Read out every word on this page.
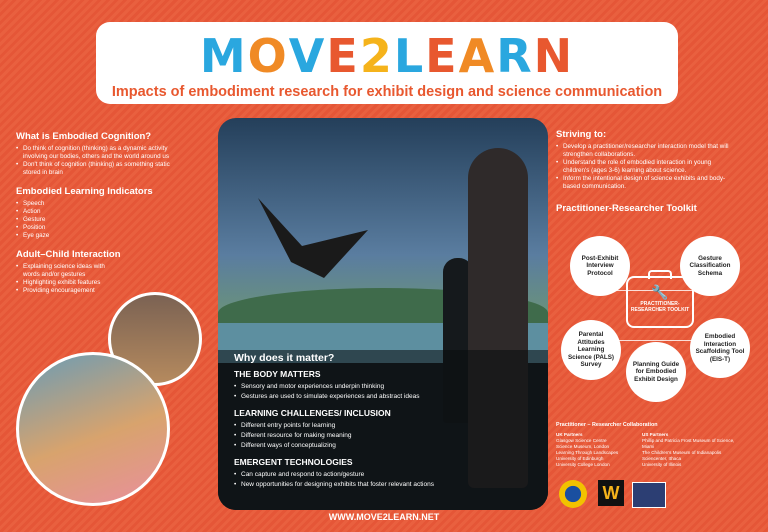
MOVE2LEARN
Impacts of embodiment research for exhibit design and science communication
What is Embodied Cognition?
• Do think of cognition (thinking) as a dynamic activity involving our bodies, others and the world around us
• Don't think of cognition (thinking) as something static stored in brain
Embodied Learning Indicators
• Speech
• Action
• Gesture
• Position
• Eye gaze
Adult–Child Interaction
• Explaining science ideas with words and/or gestures
• Highlighting exhibit features
• Providing encouragement
Why does it matter?
THE BODY MATTERS
• Sensory and motor experiences underpin thinking
• Gestures are used to simulate experiences and abstract ideas
LEARNING CHALLENGES/ INCLUSION
• Different entry points for learning
• Different resource for making meaning
• Different ways of conceptualizing
EMERGENT TECHNOLOGIES
• Can capture and respond to action/gesture
• New opportunities for designing exhibits that foster relevant actions
Striving to:
• Develop a practitioner/researcher interaction model that will strengthen collaborations.
• Understand the role of embodied interaction in young children's (ages 3-6) learning about science.
• Inform the intentional design of science exhibits and body-based communication.
Practitioner-Researcher Toolkit
Post-Exhibit Interview Protocol
Gesture Classification Schema
Parental Attitudes Learning Science (PALS) Survey
Embodied Interaction Scaffolding Tool (EIS-T)
Planning Guide for Embodied Exhibit Design
🔧
PRACTITIONER-RESEARCHER TOOLKIT
Practitioner – Researcher Collaboration
UK Partners
Glasgow Science Centre
Science Museum, London
Learning Through Landscapes
University of Edinburgh
University College London
US Partners
Phillip and Patricia Frost Museum of Science, Miami
The Children's Museum of Indianapolis
Sciencenter, Ithaca
University of Illinois
W
WWW.MOVE2LEARN.NET
